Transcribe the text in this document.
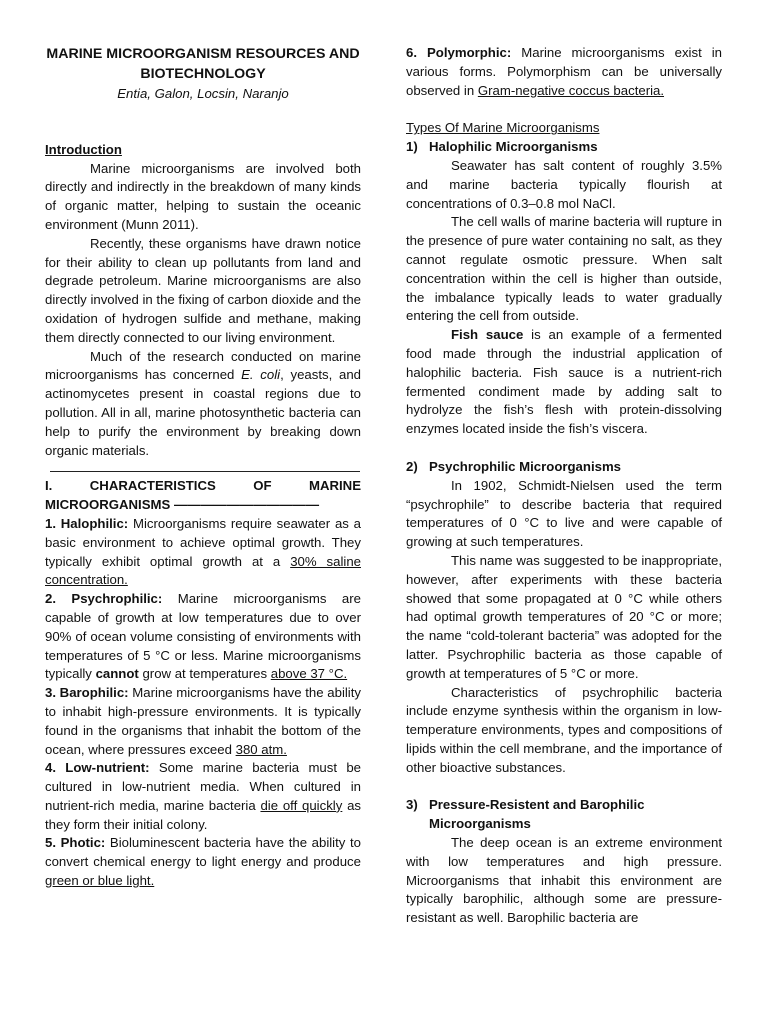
MARINE MICROORGANISM RESOURCES AND BIOTECHNOLOGY
Entia, Galon, Locsin, Naranjo
Introduction

Marine microorganisms are involved both directly and indirectly in the breakdown of many kinds of organic matter, helping to sustain the oceanic environment (Munn 2011).

Recently, these organisms have drawn notice for their ability to clean up pollutants from land and degrade petroleum. Marine microorganisms are also directly involved in the fixing of carbon dioxide and the oxidation of hydrogen sulfide and methane, making them directly connected to our living environment.

Much of the research conducted on marine microorganisms has concerned E. coli, yeasts, and actinomycetes present in coastal regions due to pollution. All in all, marine photosynthetic bacteria can help to purify the environment by breaking down organic materials.

I. CHARACTERISTICS OF MARINE MICROORGANISMS ———————————

1. Halophilic: Microorganisms require seawater as a basic environment to achieve optimal growth. They typically exhibit optimal growth at a 30% saline concentration.

2. Psychrophilic: Marine microorganisms are capable of growth at low temperatures due to over 90% of ocean volume consisting of environments with temperatures of 5 °C or less. Marine microorganisms typically cannot grow at temperatures above 37 °C.

3. Barophilic: Marine microorganisms have the ability to inhabit high-pressure environments. It is typically found in the organisms that inhabit the bottom of the ocean, where pressures exceed 380 atm.

4. Low-nutrient: Some marine bacteria must be cultured in low-nutrient media. When cultured in nutrient-rich media, marine bacteria die off quickly as they form their initial colony.

5. Photic: Bioluminescent bacteria have the ability to convert chemical energy to light energy and produce green or blue light.

6. Polymorphic: Marine microorganisms exist in various forms. Polymorphism can be universally observed in Gram-negative coccus bacteria.

Types Of Marine Microorganisms
1) Halophilic Microorganisms

Seawater has salt content of roughly 3.5% and marine bacteria typically flourish at concentrations of 0.3–0.8 mol NaCl.

The cell walls of marine bacteria will rupture in the presence of pure water containing no salt, as they cannot regulate osmotic pressure. When salt concentration within the cell is higher than outside, the imbalance typically leads to water gradually entering the cell from outside.

Fish sauce is an example of a fermented food made through the industrial application of halophilic bacteria. Fish sauce is a nutrient-rich fermented condiment made by adding salt to hydrolyze the fish’s flesh with protein-dissolving enzymes located inside the fish’s viscera.

2) Psychrophilic Microorganisms

In 1902, Schmidt-Nielsen used the term “psychrophile” to describe bacteria that required temperatures of 0 °C to live and were capable of growing at such temperatures.

This name was suggested to be inappropriate, however, after experiments with these bacteria showed that some propagated at 0 °C while others had optimal growth temperatures of 20 °C or more; the name “cold-tolerant bacteria” was adopted for the latter. Psychrophilic bacteria as those capable of growth at temperatures of 5 °C or more.

Characteristics of psychrophilic bacteria include enzyme synthesis within the organism in low-temperature environments, types and compositions of lipids within the cell membrane, and the importance of other bioactive substances.

3) Pressure-Resistent and Barophilic Microorganisms

The deep ocean is an extreme environment with low temperatures and high pressure. Microorganisms that inhabit this environment are typically barophilic, although some are pressure-resistant as well. Barophilic bacteria are
